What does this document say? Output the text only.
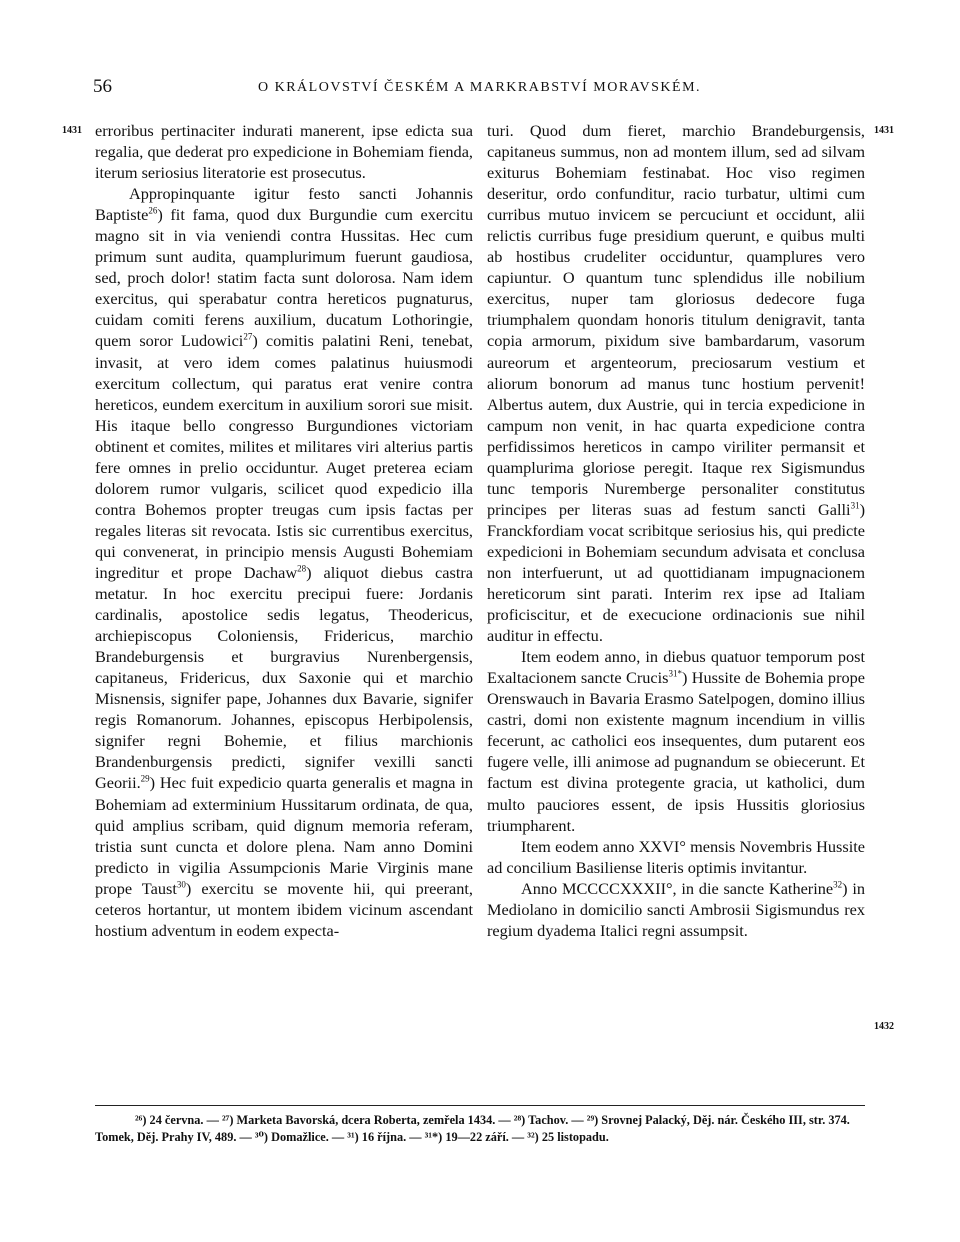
56	O KRÁLOVSTVÍ ČESKÉM A MARKRABSTVÍ MORAVSKÉM.
1431	1431
1432

erroribus pertinaciter indurati manerent, ipse edicta sua regalia, que dederat pro expedicione in Bohemiam fienda, iterum seriosius literatorie est prosecutus.

Appropinquante igitur festo sancti Johannis Baptiste$^{26}$) fit fama, quod dux Burgundie cum exercitu magno sit in via veniendi contra Hussitas. Hec cum primum sunt audita, quamplurimum fuerunt gaudiosa, sed, proch dolor! statim facta sunt dolorosa. Nam idem exercitus, qui sperabatur contra hereticos pugnaturus, cuidam comiti ferens auxilium, ducatum Lothoringie, quem soror Ludowici$^{27}$) comitis palatini Reni, tenebat, invasit, at vero idem comes palatinus huiusmodi exercitum collectum, qui paratus erat venire contra hereticos, eundem exercitum in auxilium sorori sue misit. His itaque bello congresso Burgundiones victoriam obtinent et comites, milites et militares viri alterius partis fere omnes in prelio occiduntur. Auget preterea eciam dolorem rumor vulgaris, scilicet quod expedicio illa contra Bohemos propter treugas cum ipsis factas per regales literas sit revocata. Istis sic currentibus exercitus, qui convenerat, in principio mensis Augusti Bohemiam ingreditur et prope Dachaw$^{28}$) aliquot diebus castra metatur. In hoc exercitu precipui fuere: Jordanis cardinalis, apostolice sedis legatus, Theodericus, archiepiscopus Coloniensis, Fridericus, marchio Brandeburgensis et burgravius Nurenbergensis, capitaneus, Fridericus, dux Saxonie qui et marchio Misnensis, signifer pape, Johannes dux Bavarie, signifer regis Romanorum. Johannes, episcopus Herbipolensis, signifer regni Bohemie, et filius marchionis Brandenburgensis predicti, signifer vexilli sancti Georii.$^{29}$) Hec fuit expedicio quarta generalis et magna in Bohemiam ad exterminium Hussitarum ordinata, de qua, quid amplius scribam, quid dignum memoria referam, tristia sunt cuncta et dolore plena. Nam anno Domini predicto in vigilia Assumpcionis Marie Virginis mane prope Taust$^{30}$) exercitu se movente hii, qui preerant, ceteros hortantur, ut montem ibidem vicinum ascendant hostium adventum in eodem expecta-

turi. Quod dum fieret, marchio Brandeburgensis, capitaneus summus, non ad montem illum, sed ad silvam exiturus Bohemiam festinabat. Hoc viso regimen deseritur, ordo confunditur, racio turbatur, ultimi cum curribus mutuo invicem se percuciunt et occidunt, alii relictis curribus fuge presidium querunt, e quibus multi ab hostibus crudeliter occiduntur, quamplures vero capiuntur. O quantum tunc splendidus ille nobilium exercitus, nuper tam gloriosus dedecore fuga triumphalem quondam honoris titulum denigravit, tanta copia armorum, pixidum sive bambardarum, vasorum aureorum et argenteorum, preciosarum vestium et aliorum bonorum ad manus tunc hostium pervenit! Albertus autem, dux Austrie, qui in tercia expedicione in campum non venit, in hac quarta expedicione contra perfidissimos hereticos in campo viriliter permansit et quamplurima gloriose peregit. Itaque rex Sigismundus tunc temporis Nuremberge personaliter constitutus principes per literas suas ad festum sancti Galli$^{31}$) Franckfordiam vocat scribitque seriosius his, qui predicte expedicioni in Bohemiam secundum advisata et conclusa non interfuerunt, ut ad quottidianam impugnacionem hereticorum sint parati. Interim rex ipse ad Italiam proficiscitur, et de execucione ordinacionis sue nihil auditur in effectu.

Item eodem anno, in diebus quatuor temporum post Exaltacionem sancte Crucis$^{31*}$) Hussite de Bohemia prope Orenswauch in Bavaria Erasmo Satelpogen, domino illius castri, domi non existente magnum incendium in villis fecerunt, ac catholici eos insequentes, dum putarent eos fugere velle, illi animose ad pugnandum se obiecerunt. Et factum est divina protegente gracia, ut katholici, dum multo pauciores essent, de ipsis Hussitis gloriosius triumpharent.

Item eodem anno XXVI° mensis Novembris Hussite ad concilium Basiliense literis optimis invitantur.

Anno MCCCCXXXII°, in die sancte Katherine$^{32}$) in Mediolano in domicilio sancti Ambrosii Sigismundus rex regium dyadema Italici regni assumpsit.

²⁶) 24 června. — ²⁷) Marketa Bavorská, dcera Roberta, zemřela 1434. — ²⁸) Tachov. — ²⁹) Srovnej Palacký, Děj. nár. Českého III, str. 374. Tomek, Děj. Prahy IV, 489. — ³⁰) Domažlice. — ³¹) 16 října. — ³¹*) 19—22 září. — ³²) 25 listopadu.
